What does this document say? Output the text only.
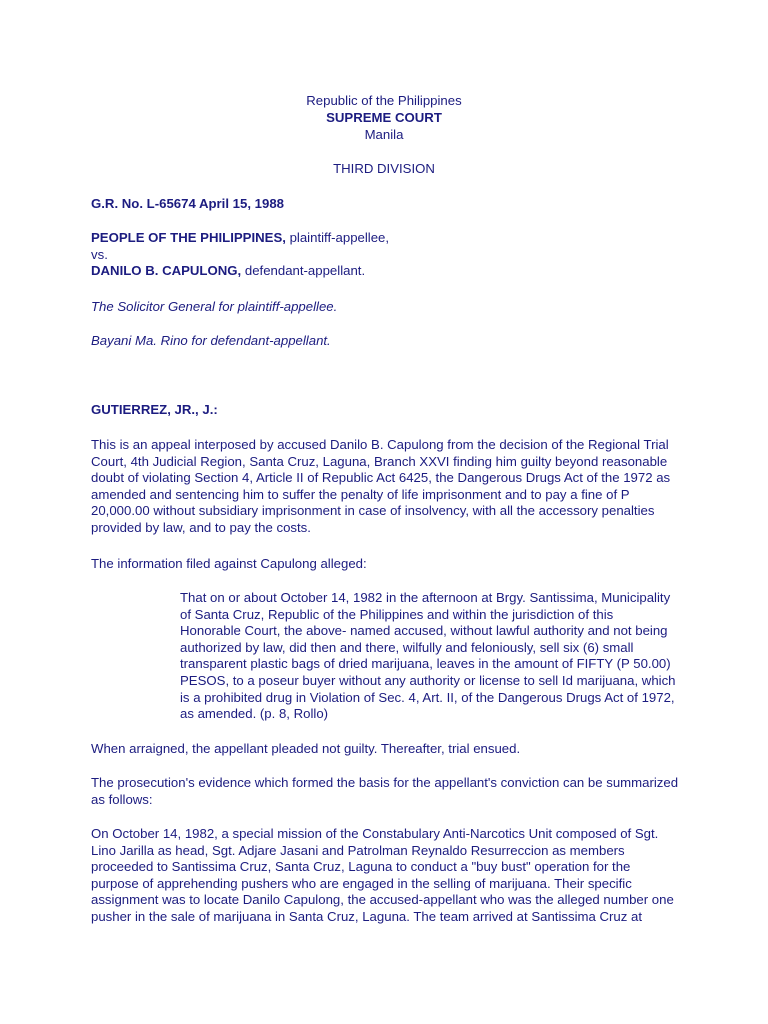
Republic of the Philippines
SUPREME COURT
Manila
THIRD DIVISION
G.R. No. L-65674 April 15, 1988
PEOPLE OF THE PHILIPPINES, plaintiff-appellee,
vs.
DANILO B. CAPULONG, defendant-appellant.
The Solicitor General for plaintiff-appellee.
Bayani Ma. Rino for defendant-appellant.
GUTIERREZ, JR., J.:
This is an appeal interposed by accused Danilo B. Capulong from the decision of the Regional Trial
Court, 4th Judicial Region, Santa Cruz, Laguna, Branch XXVI finding him guilty beyond reasonable
doubt of violating Section 4, Article II of Republic Act 6425, the Dangerous Drugs Act of the 1972 as
amended and sentencing him to suffer the penalty of life imprisonment and to pay a fine of P
20,000.00 without subsidiary imprisonment in case of insolvency, with all the accessory penalties
provided by law, and to pay the costs.
The information filed against Capulong alleged:
That on or about October 14, 1982 in the afternoon at Brgy. Santissima, Municipality
of Santa Cruz, Republic of the Philippines and within the jurisdiction of this
Honorable Court, the above- named accused, without lawful authority and not being
authorized by law, did then and there, wilfully and feloniously, sell six (6) small
transparent plastic bags of dried marijuana, leaves in the amount of FIFTY (P 50.00)
PESOS, to a poseur buyer without any authority or license to sell Id marijuana, which
is a prohibited drug in Violation of Sec. 4, Art. II, of the Dangerous Drugs Act of 1972,
as amended. (p. 8, Rollo)
When arraigned, the appellant pleaded not guilty. Thereafter, trial ensued.
The prosecution's evidence which formed the basis for the appellant's conviction can be summarized
as follows:
On October 14, 1982, a special mission of the Constabulary Anti-Narcotics Unit composed of Sgt.
Lino Jarilla as head, Sgt. Adjare Jasani and Patrolman Reynaldo Resurreccion as members
proceeded to Santissima Cruz, Santa Cruz, Laguna to conduct a "buy bust" operation for the
purpose of apprehending pushers who are engaged in the selling of marijuana. Their specific
assignment was to locate Danilo Capulong, the accused-appellant who was the alleged number one
pusher in the sale of marijuana in Santa Cruz, Laguna. The team arrived at Santissima Cruz at
